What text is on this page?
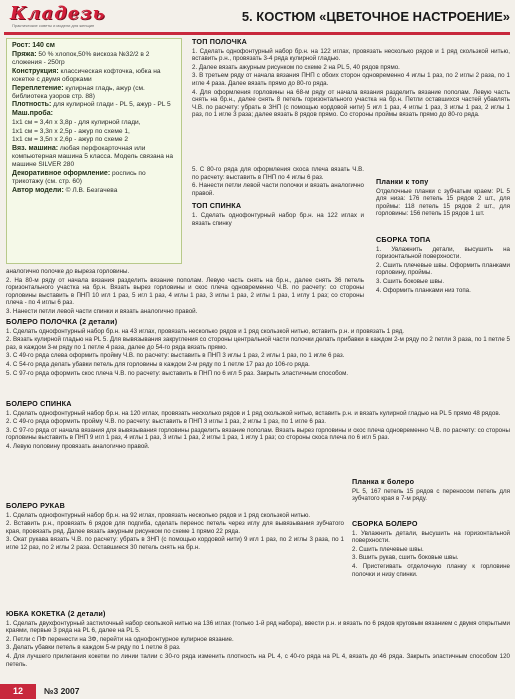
Кладезь
Практические советы и модели для женщин
5. КОСТЮМ «ЦВЕТОЧНОЕ НАСТРОЕНИЕ»
Рост: 140 см
Пряжа: 50 % хлопок,50% вискоза №32/2 в 2 сложения - 250гр
Конструкция: классическая кофточка, юбка на кокетке с двумя оборками
Переплетение: кулирная гладь, ажур (см. библиотека узоров стр. 88)
Плотность: для кулирной глади - PL 5, ажур - PL 5
Маш.проба:
1х1 см = 3,4п х 3,8р - для кулирной глади,
1х1 см = 3,3п х 2,5р - ажур по схеме 1,
1х1 см = 3,5п х 2,6р - ажур по схеме 2
Вяз. машина: любая перфокарточная или компьютерная машина 5 класса. Модель связана на машине SILVER 280
Декоративное оформление: роспись по трикотажу (см. стр. 60)
Автор модели: © Л.В. Безгачева
ТОП ПОЛОЧКА

1. Сделать однофонтурный набор бр.н. на 122 иглах, провязать несколько рядов и 1 ряд скользкой нитью, вставить р.н., провязать 3-4 ряда кулирной гладью.

2. Далее вязать ажурным рисунком по схеме 2 на PL 5, 40 рядов прямо.

3. В третьем ряду от начала вязания ПНП с обоих сторон одновременно 4 иглы 1 раз, по 2 иглы 2 раза, по 1 игле 4 раза. Далее вязать прямо до 80-го ряда.

4. Для оформления горловины на 68-м ряду от начала вязания разделить вязание пополам. Левую часть снять на бр.н., далее снять 8 петель горизонтального участка на бр.н. Петли оставшихся частей убавлять Ч.В. по расчету: убрать в ЗНП (с помощью кордовой нити) 5 игл 1 раз, 4 иглы 1 раз, 3 иглы 1 раз, 2 иглы 1 раз, по 1 игле 3 раза; далее вязать 8 рядов прямо. Со стороны проймы вязать прямо до 80-го ряда.

5. С 80-го ряда для оформления скоса плеча вязать Ч.В. по расчету: выставить в ПНП по 4 иглы 6 раз.

6. Нанести петли левой части полочки и вязать аналогично правой.

ТОП СПИНКА

1. Сделать однофонтурный набор бр.н. на 122 иглах и вязать спинку

Планки к топу

Отделочные планки с зубчатым краем: PL 5 для низа: 176 петель 15 рядов 2 шт., для проймы: 118 петель 15 рядов 2 шт., для горловины: 156 петель 15 рядов 1 шт.

СБОРКА ТОПА

1. Увлажнить детали, высушить на горизонтальной поверхности.

2. Сшить плечевые швы. Оформить планками горловину, проймы.

3. Сшить боковые швы.

4. Оформить планками низ топа.

аналогично полочке до выреза горловины.

2. На 80-м ряду от начала вязания разделить вязание пополам. Левую часть снять на бр.н., далее снять 36 петель горизонтального участка на бр.н. Вязать вырез горловины и скос плеча одновременно Ч.В. по расчету: со стороны горловины выставить в ПНП 10 игл 1 раз, 5 игл 1 раз, 4 иглы 1 раз, 3 иглы 1 раз, 2 иглы 1 раз, 1 иглу 1 раз; со стороны плеча - по 4 иглы 6 раз.

3. Нанести петли левой части спинки и вязать аналогично правой.

БОЛЕРО ПОЛОЧКА (2 детали)

1. Сделать однофонтурный набор бр.н. на 43 иглах, провязать несколько рядов и 1 ряд скользкой нитью, вставить р.н. и провязать 1 ряд.

2. Вязать кулирной гладью на PL 5. Для вывязывания закругления со стороны центральной части полочки делать прибавки в каждом 2-м ряду по 2 петли 3 раза, по 1 петле 5 раз, в каждом 3-м ряду по 1 петле 4 раза, далее до 54-го ряда вязать прямо.

3. С 49-го ряда слева оформить пройму Ч.В. по расчету: выставить в ПНП 3 иглы 1 раз, 2 иглы 1 раз, по 1 игле 6 раз.

4. С 54-го ряда делать убавки петель для горловины в каждом 2-м ряду по 1 петле 17 раз до 106-го ряда.

5. С 97-го ряда оформить скос плеча Ч.В. по расчету: выставить в ПНП по 6 игл 5 раз. Закрыть эластичным способом.

БОЛЕРО СПИНКА

1. Сделать однофонтурный набор бр.н. на 120 иглах, провязать несколько рядов и 1 ряд скользкой нитью, вставить р.н. и вязать кулирной гладью на PL 5 прямо 48 рядов.

2. С 49-го ряда оформить пройму Ч.В. по расчету: выставить в ПНП 3 иглы 1 раз, 2 иглы 1 раз, по 1 игле 6 раз.

3. С 97-го ряда от начала вязания для вывязывания горловины разделить вязание пополам. Вязать вырез горловины и скос плеча одновременно Ч.В. по расчету: со стороны горловины выставить в ПНП 9 игл 1 раз, 4 иглы 1 раз, 3 иглы 1 раз, 2 иглы 1 раз, 1 иглу 1 раз; со стороны скоса плеча по 6 игл 5 раз.

4. Левую половину провязать аналогично правой.

БОЛЕРО РУКАВ

1. Сделать однофонтурный набор бр.н. на 92 иглах, провязать несколько рядов и 1 ряд скользкой нитью.

2. Вставить р.н., провязать 6 рядов для подгиба, сделать перенос петель через иглу для вывязывания зубчатого края, провязать ряд. Далее вязать ажурным рисунком по схеме 1 прямо 22 ряда.

3. Окат рукава вязать Ч.В. по расчету: убрать в ЗНП (с помощью кордовой нити) 9 игл 1 раз, по 2 иглы 3 раза, по 1 игле 12 раз, по 2 иглы 2 раза. Оставшиеся 30 петель снять на бр.н.

Планка к болеро

PL 5, 167 петель 15 рядов с переносом петель для зубчатого края в 7-м ряду.

СБОРКА БОЛЕРО

1. Увлажнить детали, высушить на горизонтальной поверхности.

2. Сшить плечевые швы.

3. Вшить рукав, сшить боковые швы.

4. Пристегивать отделочную планку к горловине полочки и низу спинки.

ЮБКА КОКЕТКА (2 детали)

1. Сделать двухфонтурный застилочный набор скользкой нитью на 136 иглах (только 1-й ряд набора), ввести р.н. и вязать по 6 рядов круговым вязанием с двумя открытыми краями, первые 3 ряда на PL 6, далее на PL 5.

2. Петли с ПФ перенести на ЗФ, перейти на однофонтурное кулирное вязание.

3. Делать убавки петель в каждом 5-м ряду по 1 петле 8 раз.

4. Для лучшего прилегания кокетки по линии талии с 30-го ряда изменить плотность на PL 4, с 40-го ряда на PL 4, вязать до 46 ряда. Закрыть эластичным способом 120 петель.

12	№3 2007
